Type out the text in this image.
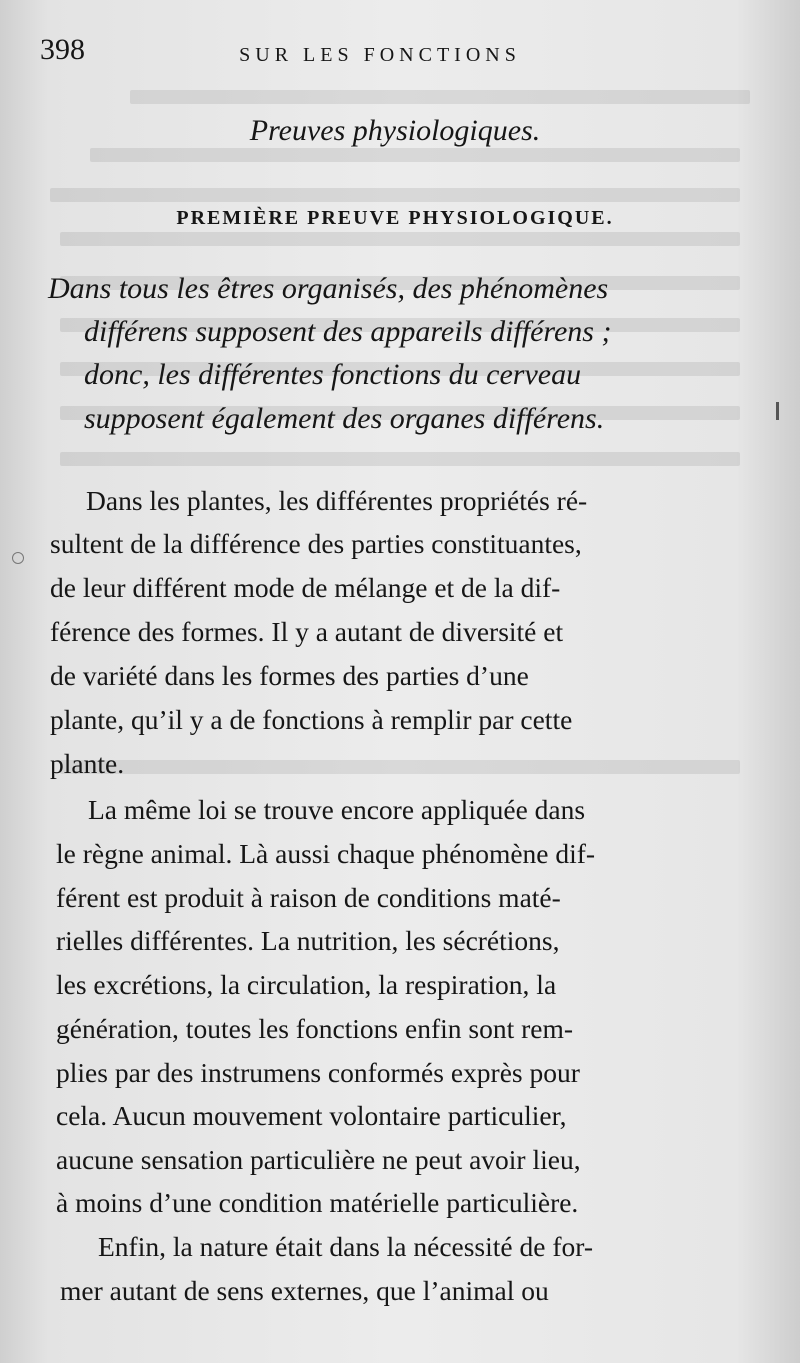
398	SUR LES FONCTIONS
Preuves physiologiques.
PREMIÈRE PREUVE PHYSIOLOGIQUE.
Dans tous les êtres organisés, des phénomènes
différens supposent des appareils différens ;
donc, les différentes fonctions du cerveau
supposent également des organes différens.
Dans les plantes, les différentes propriétés ré-
sultent de la différence des parties constituantes,
de leur différent mode de mélange et de la dif-
férence des formes. Il y a autant de diversité et
de variété dans les formes des parties d’une
plante, qu’il y a de fonctions à remplir par cette
plante.
La même loi se trouve encore appliquée dans
le règne animal. Là aussi chaque phénomène dif-
férent est produit à raison de conditions maté-
rielles différentes. La nutrition, les sécrétions,
les excrétions, la circulation, la respiration, la
génération, toutes les fonctions enfin sont rem-
plies par des instrumens conformés exprès pour
cela. Aucun mouvement volontaire particulier,
aucune sensation particulière ne peut avoir lieu,
à moins d’une condition matérielle particulière.
Enfin, la nature était dans la nécessité de for-
mer autant de sens externes, que l’animal ou
